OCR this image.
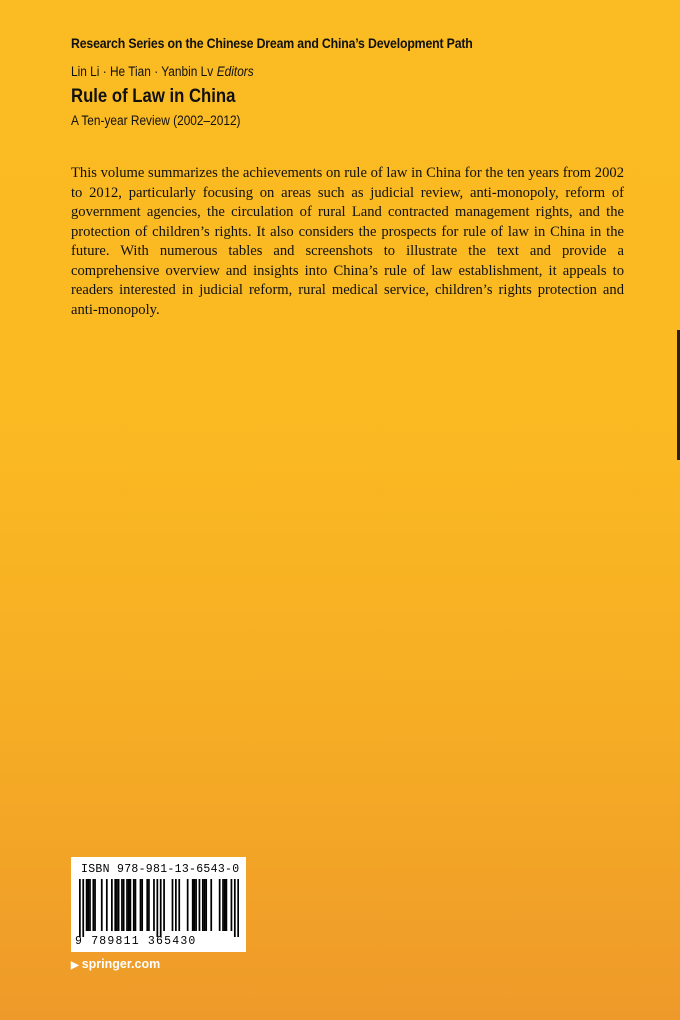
Research Series on the Chinese Dream and China’s Development Path
Lin Li · He Tian · Yanbin Lv Editors
Rule of Law in China
A Ten-year Review (2002–2012)

This volume summarizes the achievements on rule of law in China for the ten years from 2002 to 2012, particularly focusing on areas such as judicial review, anti-monopoly, reform of government agencies, the circulation of rural Land contracted management rights, and the protection of children’s rights. It also considers the prospects for rule of law in China in the future. With numerous tables and screenshots to illustrate the text and provide a comprehensive overview and insights into China’s rule of law establishment, it appeals to readers interested in judicial reform, rural medical service, children’s rights protection and anti-monopoly.

ISBN 978-981-13-6543-0
9 789811 365430
▶ springer.com
